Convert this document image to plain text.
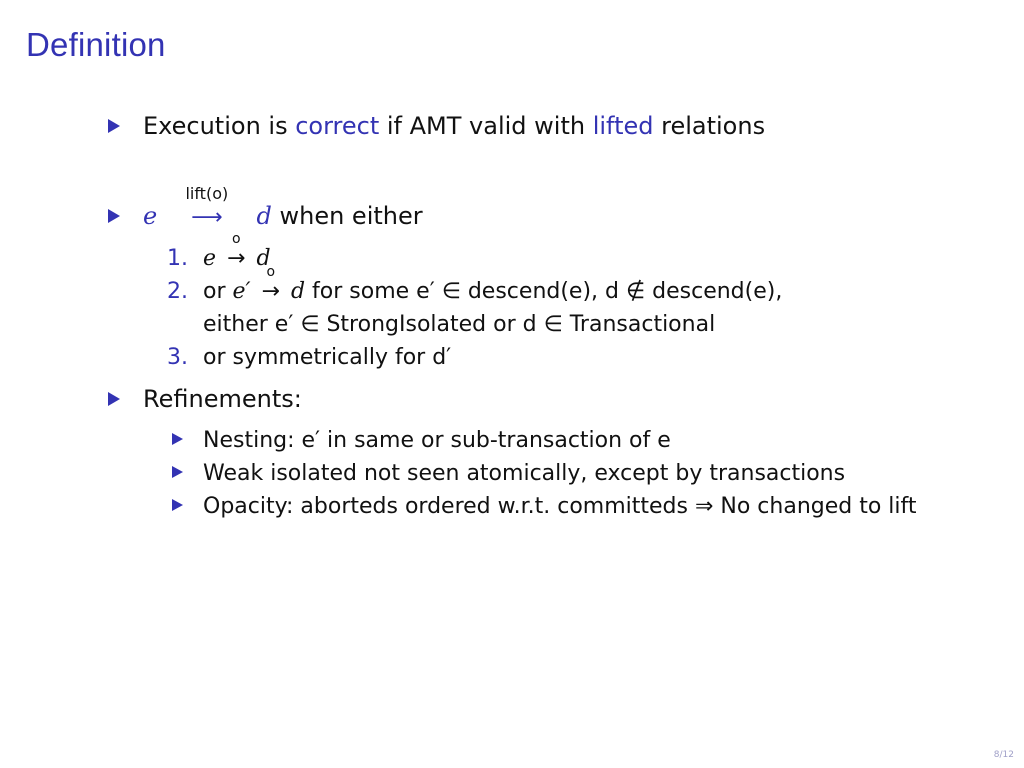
Definition
Execution is correct if AMT valid with lifted relations
e
lift(o)
⟶	d when either
1. e
o
→ d
2. or e′
o
→ d for some e′ ∈ descend(e), d ∉ descend(e),
either e′ ∈ StrongIsolated or d ∈ Transactional
3. or symmetrically for d′
Refinements:
Nesting: e′ in same or sub-transaction of e
Weak isolated not seen atomically, except by transactions
Opacity: aborteds ordered w.r.t. committeds ⇒ No changed to lift
8/12
